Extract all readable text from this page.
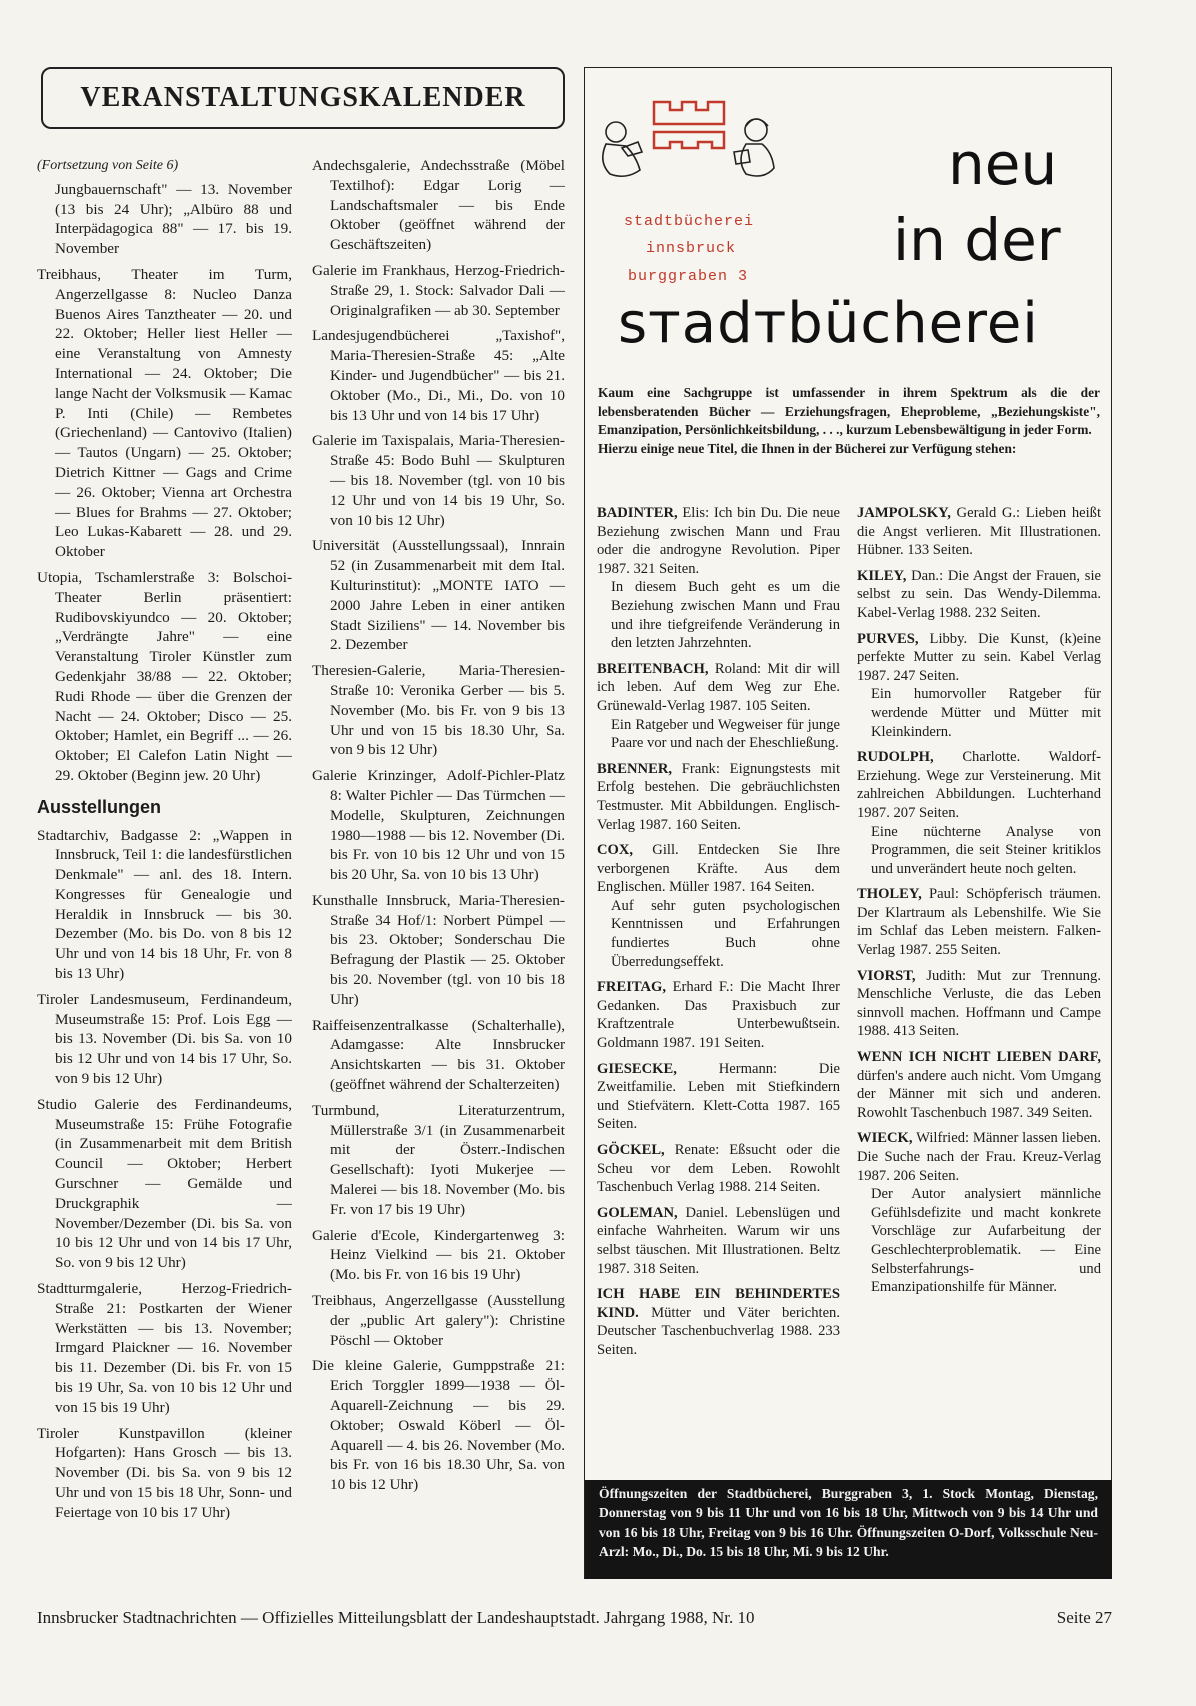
VERANSTALTUNGSKALENDER

(Fortsetzung von Seite 6)

Jungbauernschaft" — 13. November (13 bis 24 Uhr); „Albüro 88 und Interpädagogica 88" — 17. bis 19. November

Treibhaus, Theater im Turm, Angerzellgasse 8: Nucleo Danza Buenos Aires Tanztheater — 20. und 22. Oktober; Heller liest Heller — eine Veranstaltung von Amnesty International — 24. Oktober; Die lange Nacht der Volksmusik — Kamac P. Inti (Chile) — Rembetes (Griechenland) — Cantovivo (Italien) — Tautos (Ungarn) — 25. Oktober; Dietrich Kittner — Gags and Crime — 26. Oktober; Vienna art Orchestra — Blues for Brahms — 27. Oktober; Leo Lukas-Kabarett — 28. und 29. Oktober

Utopia, Tschamlerstraße 3: Bolschoi-Theater Berlin präsentiert: Rudibovskiyundco — 20. Oktober; „Verdrängte Jahre" — eine Veranstaltung Tiroler Künstler zum Gedenkjahr 38/88 — 22. Oktober; Rudi Rhode — über die Grenzen der Nacht — 24. Oktober; Disco — 25. Oktober; Hamlet, ein Begriff ... — 26. Oktober; El Calefon Latin Night — 29. Oktober (Beginn jew. 20 Uhr)

Ausstellungen

Stadtarchiv, Badgasse 2: „Wappen in Innsbruck, Teil 1: die landesfürstlichen Denkmale" — anl. des 18. Intern. Kongresses für Genealogie und Heraldik in Innsbruck — bis 30. Dezember (Mo. bis Do. von 8 bis 12 Uhr und von 14 bis 18 Uhr, Fr. von 8 bis 13 Uhr)

Tiroler Landesmuseum, Ferdinandeum, Museumstraße 15: Prof. Lois Egg — bis 13. November (Di. bis Sa. von 10 bis 12 Uhr und von 14 bis 17 Uhr, So. von 9 bis 12 Uhr)

Studio Galerie des Ferdinandeums, Museumstraße 15: Frühe Fotografie (in Zusammenarbeit mit dem British Council — Oktober; Herbert Gurschner — Gemälde und Druckgraphik — November/Dezember (Di. bis Sa. von 10 bis 12 Uhr und von 14 bis 17 Uhr, So. von 9 bis 12 Uhr)

Stadtturmgalerie, Herzog-Friedrich-Straße 21: Postkarten der Wiener Werkstätten — bis 13. November; Irmgard Plaickner — 16. November bis 11. Dezember (Di. bis Fr. von 15 bis 19 Uhr, Sa. von 10 bis 12 Uhr und von 15 bis 19 Uhr)

Tiroler Kunstpavillon (kleiner Hofgarten): Hans Grosch — bis 13. November (Di. bis Sa. von 9 bis 12 Uhr und von 15 bis 18 Uhr, Sonn- und Feiertage von 10 bis 17 Uhr)

Andechsgalerie, Andechsstraße (Möbel Textilhof): Edgar Lorig — Landschaftsmaler — bis Ende Oktober (geöffnet während der Geschäftszeiten)

Galerie im Frankhaus, Herzog-Friedrich-Straße 29, 1. Stock: Salvador Dali — Originalgrafiken — ab 30. September

Landesjugendbücherei „Taxishof", Maria-Theresien-Straße 45: „Alte Kinder- und Jugendbücher" — bis 21. Oktober (Mo., Di., Mi., Do. von 10 bis 13 Uhr und von 14 bis 17 Uhr)

Galerie im Taxispalais, Maria-Theresien-Straße 45: Bodo Buhl — Skulpturen — bis 18. November (tgl. von 10 bis 12 Uhr und von 14 bis 19 Uhr, So. von 10 bis 12 Uhr)

Universität (Ausstellungssaal), Innrain 52 (in Zusammenarbeit mit dem Ital. Kulturinstitut): „MONTE IATO — 2000 Jahre Leben in einer antiken Stadt Siziliens" — 14. November bis 2. Dezember

Theresien-Galerie, Maria-Theresien-Straße 10: Veronika Gerber — bis 5. November (Mo. bis Fr. von 9 bis 13 Uhr und von 15 bis 18.30 Uhr, Sa. von 9 bis 12 Uhr)

Galerie Krinzinger, Adolf-Pichler-Platz 8: Walter Pichler — Das Türmchen — Modelle, Skulpturen, Zeichnungen 1980—1988 — bis 12. November (Di. bis Fr. von 10 bis 12 Uhr und von 15 bis 20 Uhr, Sa. von 10 bis 13 Uhr)

Kunsthalle Innsbruck, Maria-Theresien-Straße 34 Hof/1: Norbert Pümpel — bis 23. Oktober; Sonderschau Die Befragung der Plastik — 25. Oktober bis 20. November (tgl. von 10 bis 18 Uhr)

Raiffeisenzentralkasse (Schalterhalle), Adamgasse: Alte Innsbrucker Ansichtskarten — bis 31. Oktober (geöffnet während der Schalterzeiten)

Turmbund, Literaturzentrum, Müllerstraße 3/1 (in Zusammenarbeit mit der Österr.-Indischen Gesellschaft): Iyoti Mukerjee — Malerei — bis 18. November (Mo. bis Fr. von 17 bis 19 Uhr)

Galerie d'Ecole, Kindergartenweg 3: Heinz Vielkind — bis 21. Oktober (Mo. bis Fr. von 16 bis 19 Uhr)

Treibhaus, Angerzellgasse (Ausstellung der „public Art galery"): Christine Pöschl — Oktober

Die kleine Galerie, Gumppstraße 21: Erich Torggler 1899—1938 — Öl-Aquarell-Zeichnung — bis 29. Oktober; Oswald Köberl — Öl-Aquarell — 4. bis 26. November (Mo. bis Fr. von 16 bis 18.30 Uhr, Sa. von 10 bis 12 Uhr)

stadtbücherei
innsbruck
burggraben 3
neu
in der
sтadтbücherei
Kaum eine Sachgruppe ist umfassender in ihrem Spektrum als die der lebensberatenden Bücher — Erziehungsfragen, Eheprobleme, „Beziehungskiste", Emanzipation, Persönlichkeitsbildung, . . ., kurzum Lebensbewältigung in jeder Form.
Hierzu einige neue Titel, die Ihnen in der Bücherei zur Verfügung stehen:

BADINTER, Elis: Ich bin Du. Die neue Beziehung zwischen Mann und Frau oder die androgyne Revolution. Piper 1987. 321 Seiten.

In diesem Buch geht es um die Beziehung zwischen Mann und Frau und ihre tiefgreifende Veränderung in den letzten Jahrzehnten.

BREITENBACH, Roland: Mit dir will ich leben. Auf dem Weg zur Ehe. Grünewald-Verlag 1987. 105 Seiten.

Ein Ratgeber und Wegweiser für junge Paare vor und nach der Eheschließung.

BRENNER, Frank: Eignungstests mit Erfolg bestehen. Die gebräuchlichsten Testmuster. Mit Abbildungen. Englisch-Verlag 1987. 160 Seiten.

COX, Gill. Entdecken Sie Ihre verborgenen Kräfte. Aus dem Englischen. Müller 1987. 164 Seiten.

Auf sehr guten psychologischen Kenntnissen und Erfahrungen fundiertes Buch ohne Überredungseffekt.

FREITAG, Erhard F.: Die Macht Ihrer Gedanken. Das Praxisbuch zur Kraftzentrale Unterbewußtsein. Goldmann 1987. 191 Seiten.

GIESECKE,	Hermann: Die Zweitfamilie. Leben mit Stiefkindern und Stiefvätern. Klett-Cotta 1987. 165 Seiten.

GÖCKEL, Renate: Eßsucht oder die Scheu vor dem Leben. Rowohlt Taschenbuch Verlag 1988. 214 Seiten.

GOLEMAN, Daniel. Lebenslügen und einfache Wahrheiten. Warum wir uns selbst täuschen. Mit Illustrationen. Beltz 1987. 318 Seiten.

ICH HABE EIN BEHINDERTES KIND. Mütter und Väter berichten. Deutscher Taschenbuchverlag 1988. 233 Seiten.

JAMPOLSKY, Gerald G.: Lieben heißt die Angst verlieren. Mit Illustrationen. Hübner. 133 Seiten.

KILEY, Dan.: Die Angst der Frauen, sie selbst zu sein. Das Wendy-Dilemma. Kabel-Verlag 1988. 232 Seiten.

PURVES, Libby. Die Kunst, (k)eine perfekte Mutter zu sein. Kabel Verlag 1987. 247 Seiten.

Ein humorvoller Ratgeber für werdende Mütter und Mütter mit Kleinkindern.

RUDOLPH, Charlotte. Waldorf-Erziehung. Wege zur Versteinerung. Mit zahlreichen Abbildungen. Luchterhand 1987. 207 Seiten.

Eine nüchterne Analyse von Programmen, die seit Steiner kritiklos und unverändert heute noch gelten.

THOLEY, Paul: Schöpferisch träumen. Der Klartraum als Lebenshilfe. Wie Sie im Schlaf das Leben meistern. Falken-Verlag 1987. 255 Seiten.

VIORST, Judith: Mut zur Trennung. Menschliche Verluste, die das Leben sinnvoll machen. Hoffmann und Campe 1988. 413 Seiten.

WENN ICH NICHT LIEBEN DARF, dürfen's andere auch nicht. Vom Umgang der Männer mit sich und anderen. Rowohlt Taschenbuch 1987. 349 Seiten.

WIECK, Wilfried: Männer lassen lieben. Die Suche nach der Frau. Kreuz-Verlag 1987. 206 Seiten.

Der Autor analysiert männliche Gefühlsdefizite und macht konkrete Vorschläge zur Aufarbeitung der Geschlechterproblematik. — Eine Selbsterfahrungs- und Emanzipationshilfe für Männer.

Öffnungszeiten der Stadtbücherei, Burggraben 3, 1. Stock Montag, Dienstag, Donnerstag von 9 bis 11 Uhr und von 16 bis 18 Uhr, Mittwoch von 9 bis 14 Uhr und von 16 bis 18 Uhr, Freitag von 9 bis 16 Uhr. Öffnungszeiten O-Dorf, Volksschule Neu-Arzl: Mo., Di., Do. 15 bis 18 Uhr, Mi. 9 bis 12 Uhr.
Innsbrucker Stadtnachrichten — Offizielles Mitteilungsblatt der Landeshauptstadt. Jahrgang 1988, Nr. 10	Seite 27
